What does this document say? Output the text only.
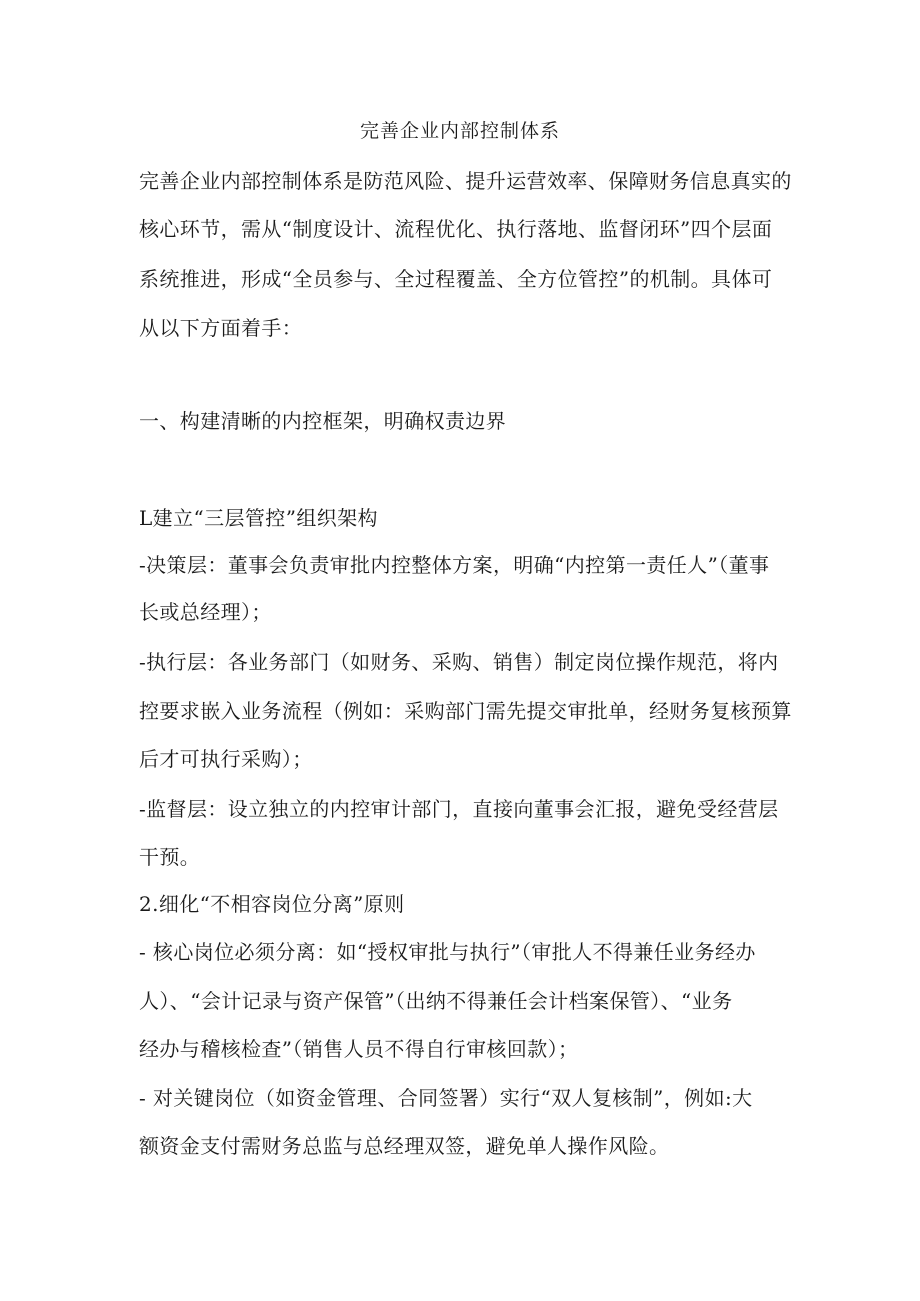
完善企业内部控制体系
完善企业内部控制体系是防范风险、提升运营效率、保障财务信息真实的
核心环节，需从“制度设计、流程优化、执行落地、监督闭环”四个层面
系统推进，形成“全员参与、全过程覆盖、全方位管控”的机制。具体可
从以下方面着手：
一、构建清晰的内控框架，明确权责边界
L建立“三层管控”组织架构
-决策层：董事会负责审批内控整体方案，明确“内控第一责任人”（董事
长或总经理）；
-执行层：各业务部门（如财务、采购、销售）制定岗位操作规范，将内
控要求嵌入业务流程（例如：采购部门需先提交审批单，经财务复核预算
后才可执行采购）；
-监督层：设立独立的内控审计部门，直接向董事会汇报，避免受经营层
干预。
2.细化“不相容岗位分离”原则
- 核心岗位必须分离：如“授权审批与执行”（审批人不得兼任业务经办
人）、“会计记录与资产保管”（出纳不得兼任会计档案保管）、“业务
经办与稽核检查”（销售人员不得自行审核回款）；
- 对关键岗位（如资金管理、合同签署）实行“双人复核制”，例如:大
额资金支付需财务总监与总经理双签，避免单人操作风险。
